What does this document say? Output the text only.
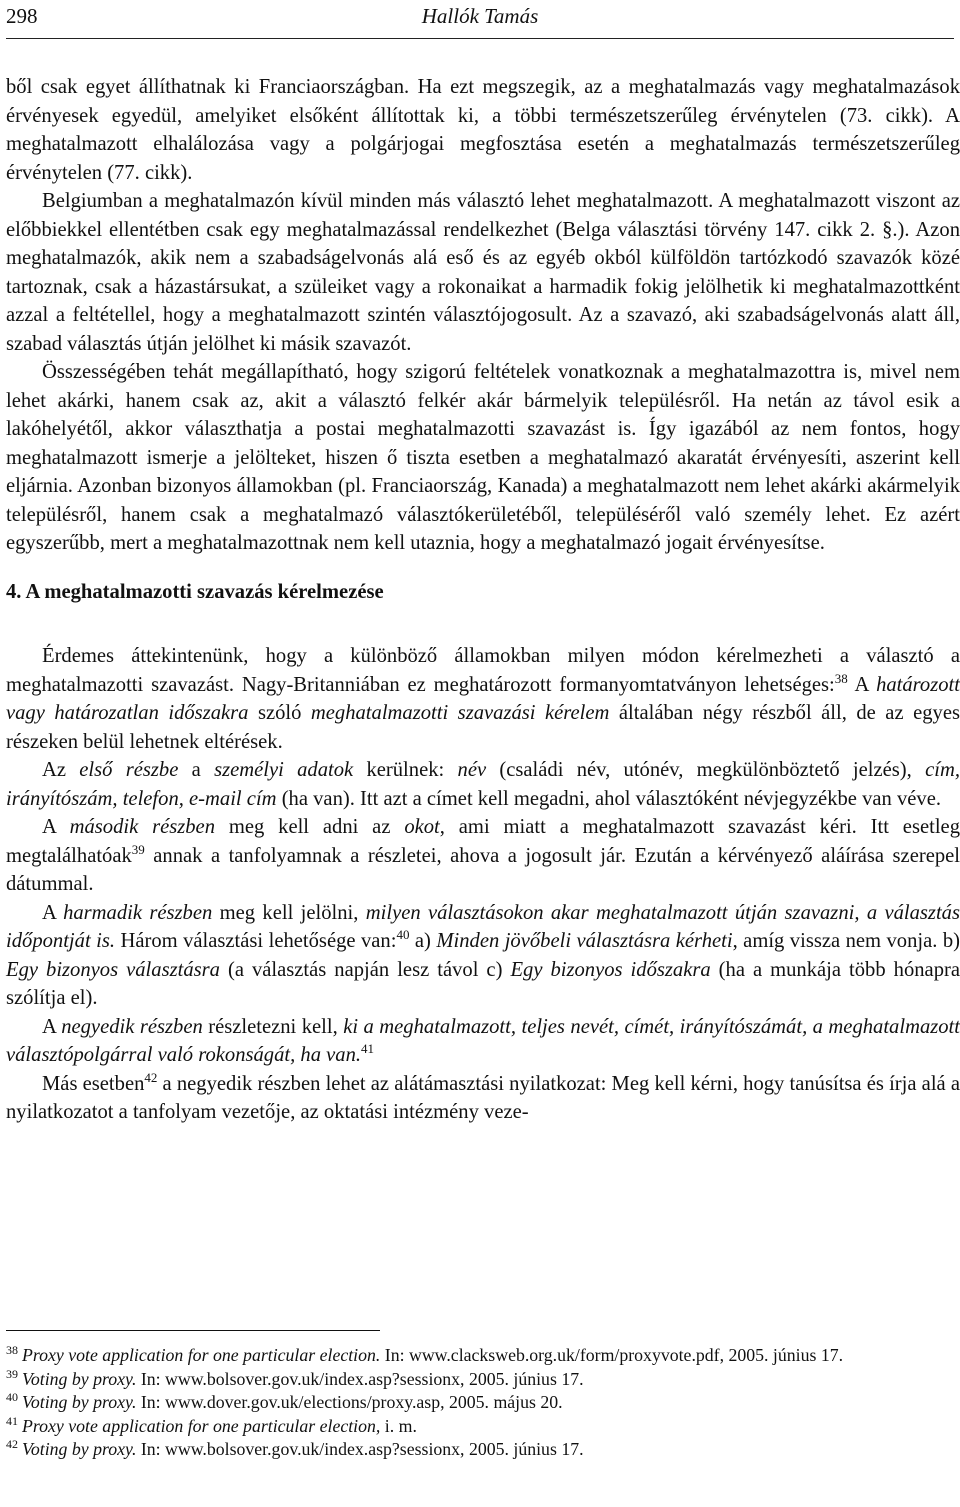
298	Hallók Tamás

ből csak egyet állíthatnak ki Franciaországban. Ha ezt megszegik, az a meghatalmazás vagy meghatalmazások érvényesek egyedül, amelyiket elsőként állítottak ki, a többi természetszerűleg érvénytelen (73. cikk). A meghatalmazott elhalálozása vagy a polgárjogai megfosztása esetén a meghatalmazás természetszerűleg érvénytelen (77. cikk).

Belgiumban a meghatalmazón kívül minden más választó lehet meghatalmazott. A meghatalmazott viszont az előbbiekkel ellentétben csak egy meghatalmazással rendelkezhet (Belga választási törvény 147. cikk 2. §.). Azon meghatalmazók, akik nem a szabadságelvonás alá eső és az egyéb okból külföldön tartózkodó szavazók közé tartoznak, csak a házastársukat, a szüleiket vagy a rokonaikat a harmadik fokig jelölhetik ki meghatalmazottként azzal a feltétellel, hogy a meghatalmazott szintén választójogosult. Az a szavazó, aki szabadságelvonás alatt áll, szabad választás útján jelölhet ki másik szavazót.

Összességében tehát megállapítható, hogy szigorú feltételek vonatkoznak a meghatalmazottra is, mivel nem lehet akárki, hanem csak az, akit a választó felkér akár bármelyik településről. Ha netán az távol esik a lakóhelyétől, akkor választhatja a postai meghatalmazotti szavazást is. Így igazából az nem fontos, hogy meghatalmazott ismerje a jelölteket, hiszen ő tiszta esetben a meghatalmazó akaratát érvényesíti, aszerint kell eljárnia. Azonban bizonyos államokban (pl. Franciaország, Kanada) a meghatalmazott nem lehet akárki akármelyik településről, hanem csak a meghatalmazó választókerületéből, településéről való személy lehet. Ez azért egyszerűbb, mert a meghatalmazottnak nem kell utaznia, hogy a meghatalmazó jogait érvényesítse.

4. A meghatalmazotti szavazás kérelmezése

Érdemes áttekintenünk, hogy a különböző államokban milyen módon kérelmezheti a választó a meghatalmazotti szavazást. Nagy-Britanniában ez meghatározott formanyomtatványon lehetséges:$^{38}$ A határozott vagy határozatlan időszakra szóló meghatalmazotti szavazási kérelem általában négy részből áll, de az egyes részeken belül lehetnek eltérések.

Az első részbe a személyi adatok kerülnek: név (családi név, utónév, megkülönböztető jelzés), cím, irányítószám, telefon, e-mail cím (ha van). Itt azt a címet kell megadni, ahol választóként névjegyzékbe van véve.

A második részben meg kell adni az okot, ami miatt a meghatalmazott szavazást kéri. Itt esetleg megtalálhatóak$^{39}$ annak a tanfolyamnak a részletei, ahova a jogosult jár. Ezután a kérvényező aláírása szerepel dátummal.

A harmadik részben meg kell jelölni, milyen választásokon akar meghatalmazott útján szavazni, a választás időpontját is. Három választási lehetősége van:$^{40}$ a) Minden jövőbeli választásra kérheti, amíg vissza nem vonja. b) Egy bizonyos választásra (a választás napján lesz távol c) Egy bizonyos időszakra (ha a munkája több hónapra szólítja el).

A negyedik részben részletezni kell, ki a meghatalmazott, teljes nevét, címét, irányítószámát, a meghatalmazott választópolgárral való rokonságát, ha van.$^{41}$

Más esetben$^{42}$ a negyedik részben lehet az alátámasztási nyilatkozat: Meg kell kérni, hogy tanúsítsa és írja alá a nyilatkozatot a tanfolyam vezetője, az oktatási intézmény veze-

$^{38}$ Proxy vote application for one particular election. In: www.clacksweb.org.uk/form/proxyvote.pdf, 2005. június 17.

$^{39}$ Voting by proxy. In: www.bolsover.gov.uk/index.asp?sessionx, 2005. június 17.

$^{40}$ Voting by proxy. In: www.dover.gov.uk/elections/proxy.asp, 2005. május 20.

$^{41}$ Proxy vote application for one particular election, i. m.

$^{42}$ Voting by proxy. In: www.bolsover.gov.uk/index.asp?sessionx, 2005. június 17.
